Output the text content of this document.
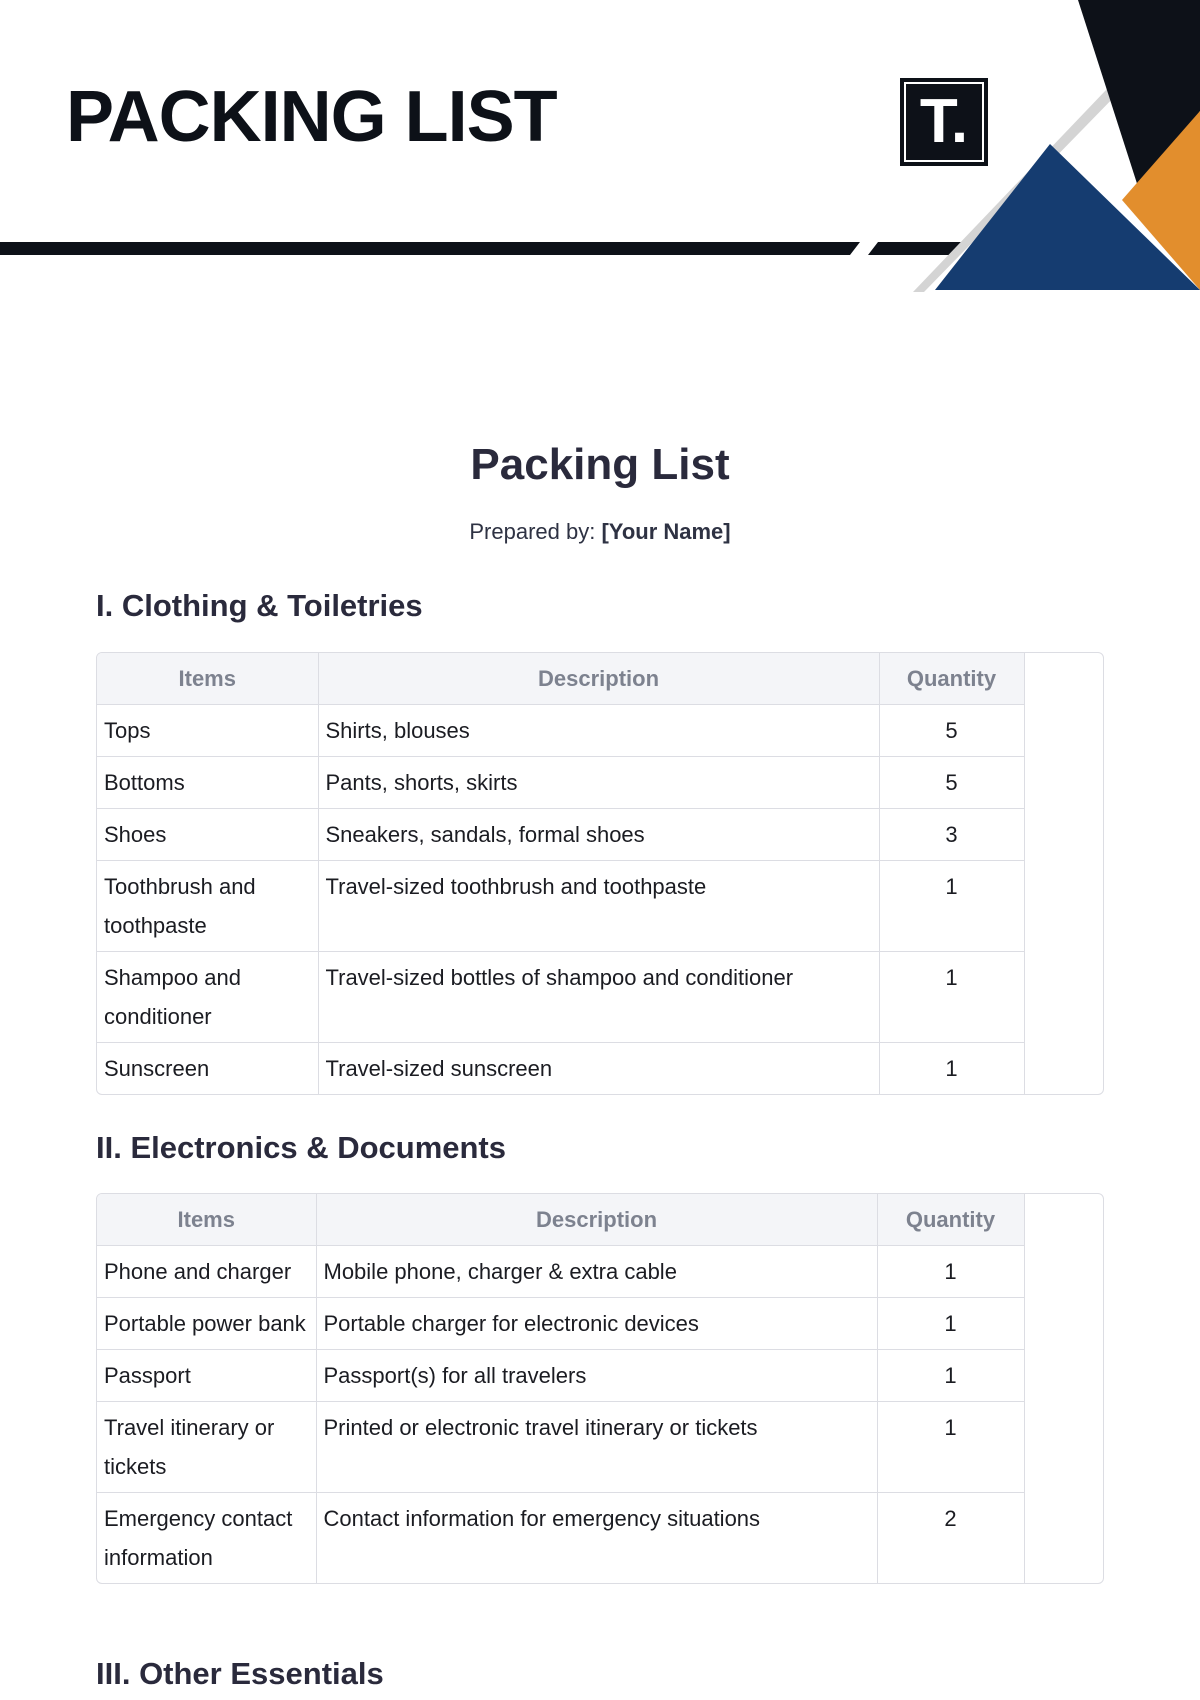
PACKING LIST	T.
Packing List
Prepared by: [Your Name]
I. Clothing & Toiletries
Items	Description	Quantity
Tops	Shirts, blouses	5
Bottoms	Pants, shorts, skirts	5
Shoes	Sneakers, sandals, formal shoes	3
Toothbrush and toothpaste	Travel-sized toothbrush and toothpaste	1
Shampoo and conditioner	Travel-sized bottles of shampoo and conditioner	1
Sunscreen	Travel-sized sunscreen	1
II. Electronics & Documents
Items	Description	Quantity
Phone and charger	Mobile phone, charger & extra cable	1
Portable power bank	Portable charger for electronic devices	1
Passport	Passport(s) for all travelers	1
Travel itinerary or tickets	Printed or electronic travel itinerary or tickets	1
Emergency contact information	Contact information for emergency situations	2
III. Other Essentials
